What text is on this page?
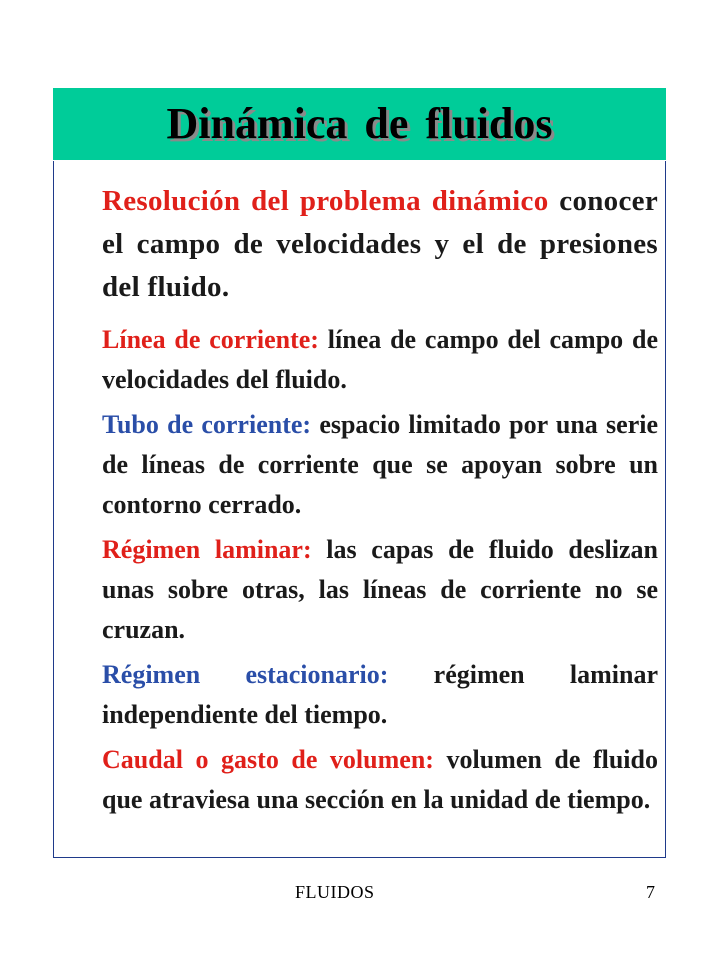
Dinámica de fluidos
Resolución del problema dinámico conocer el campo de velocidades y el de presiones del fluido.
Línea de corriente: línea de campo del campo de velocidades del fluido.
Tubo de corriente: espacio limitado por una serie de líneas de corriente que se apoyan sobre un contorno cerrado.
Régimen laminar: las capas de fluido deslizan unas sobre otras, las líneas de corriente no se cruzan.
Régimen estacionario: régimen laminar independiente del tiempo.
Caudal o gasto de volumen: volumen de fluido que atraviesa una sección en la unidad de tiempo.
FLUIDOS	7
